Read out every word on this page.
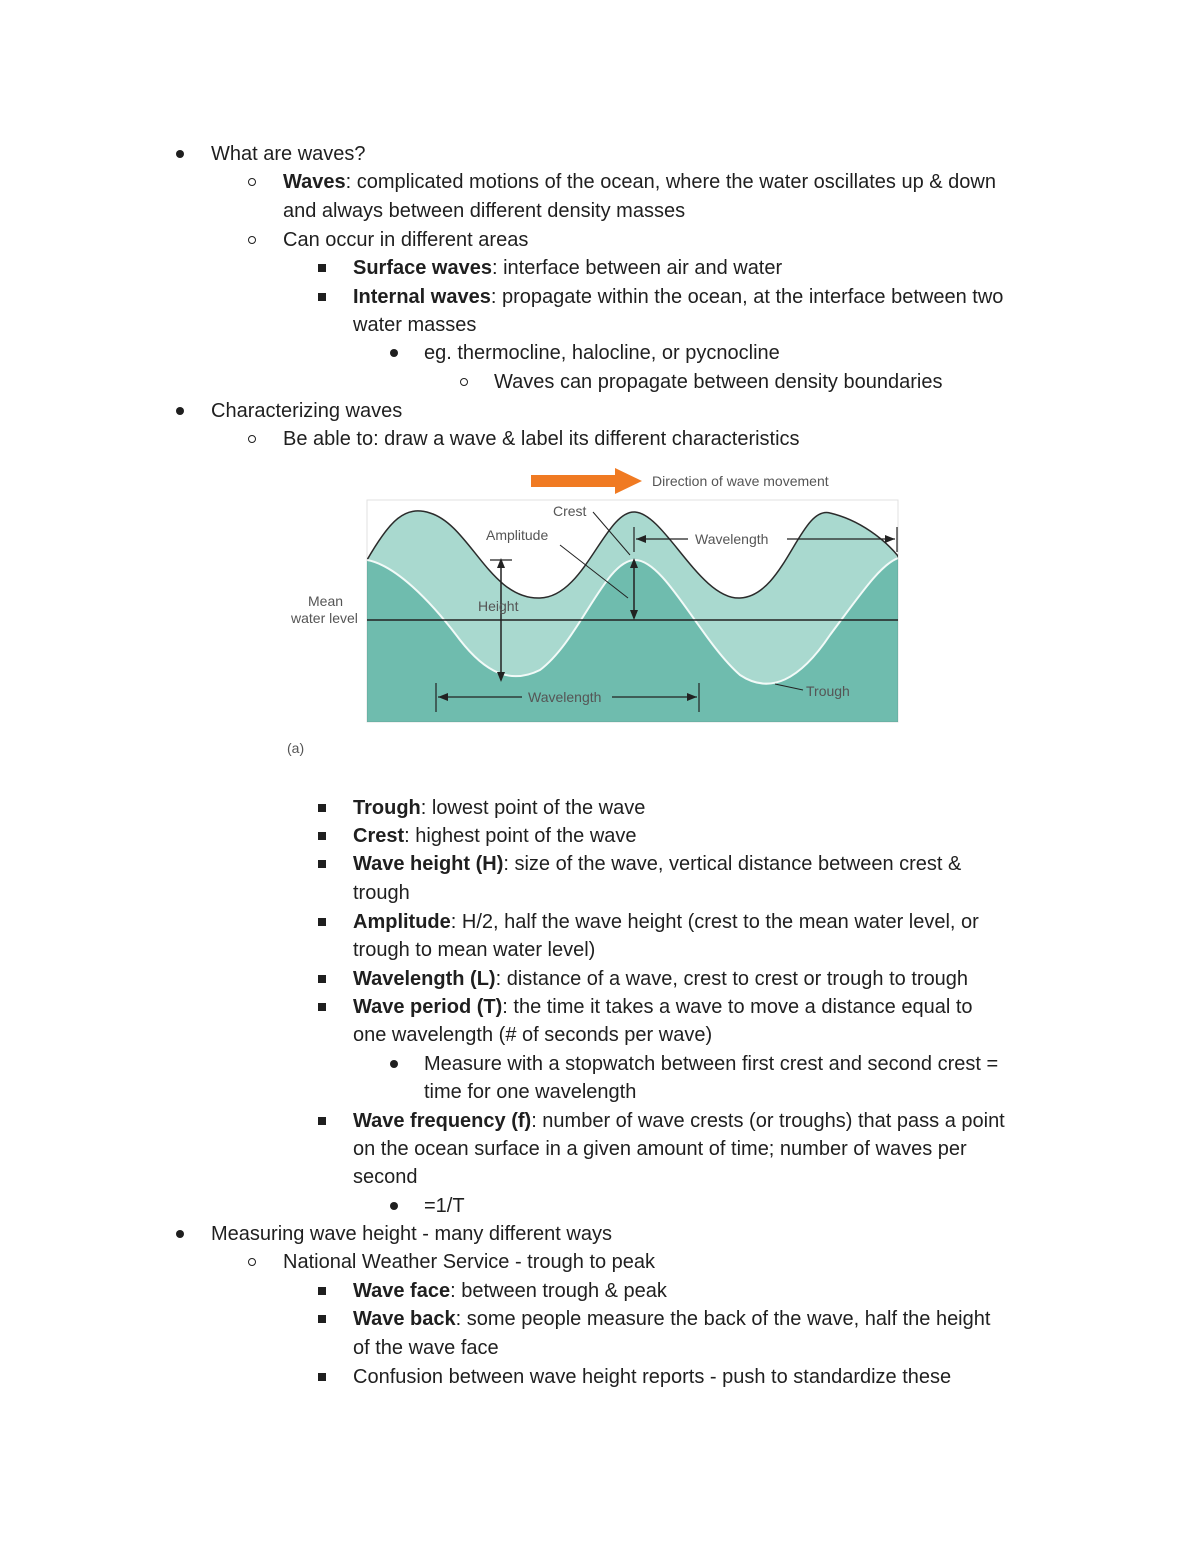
What are waves?
Waves: complicated motions of the ocean, where the water oscillates up & down
and always between different density masses
Can occur in different areas
Surface waves: interface between air and water
Internal waves: propagate within the ocean, at the interface between two
water masses
eg. thermocline, halocline, or pycnocline
Waves can propagate between density boundaries
Characterizing waves
Be able to: draw a wave & label its different characteristics
Direction of wave movement
Mean
water level
Crest
Amplitude
Height
Wavelength
Wavelength	Trough
(a)
Trough: lowest point of the wave
Crest: highest point of the wave
Wave height (H): size of the wave, vertical distance between crest &
trough
Amplitude: H/2, half the wave height (crest to the mean water level, or
trough to mean water level)
Wavelength (L): distance of a wave, crest to crest or trough to trough
Wave period (T): the time it takes a wave to move a distance equal to
one wavelength (# of seconds per wave)
Measure with a stopwatch between first crest and second crest =
time for one wavelength
Wave frequency (f): number of wave crests (or troughs) that pass a point
on the ocean surface in a given amount of time; number of waves per
second
=1/T
Measuring wave height - many different ways
National Weather Service - trough to peak
Wave face: between trough & peak
Wave back: some people measure the back of the wave, half the height
of the wave face
Confusion between wave height reports - push to standardize these
